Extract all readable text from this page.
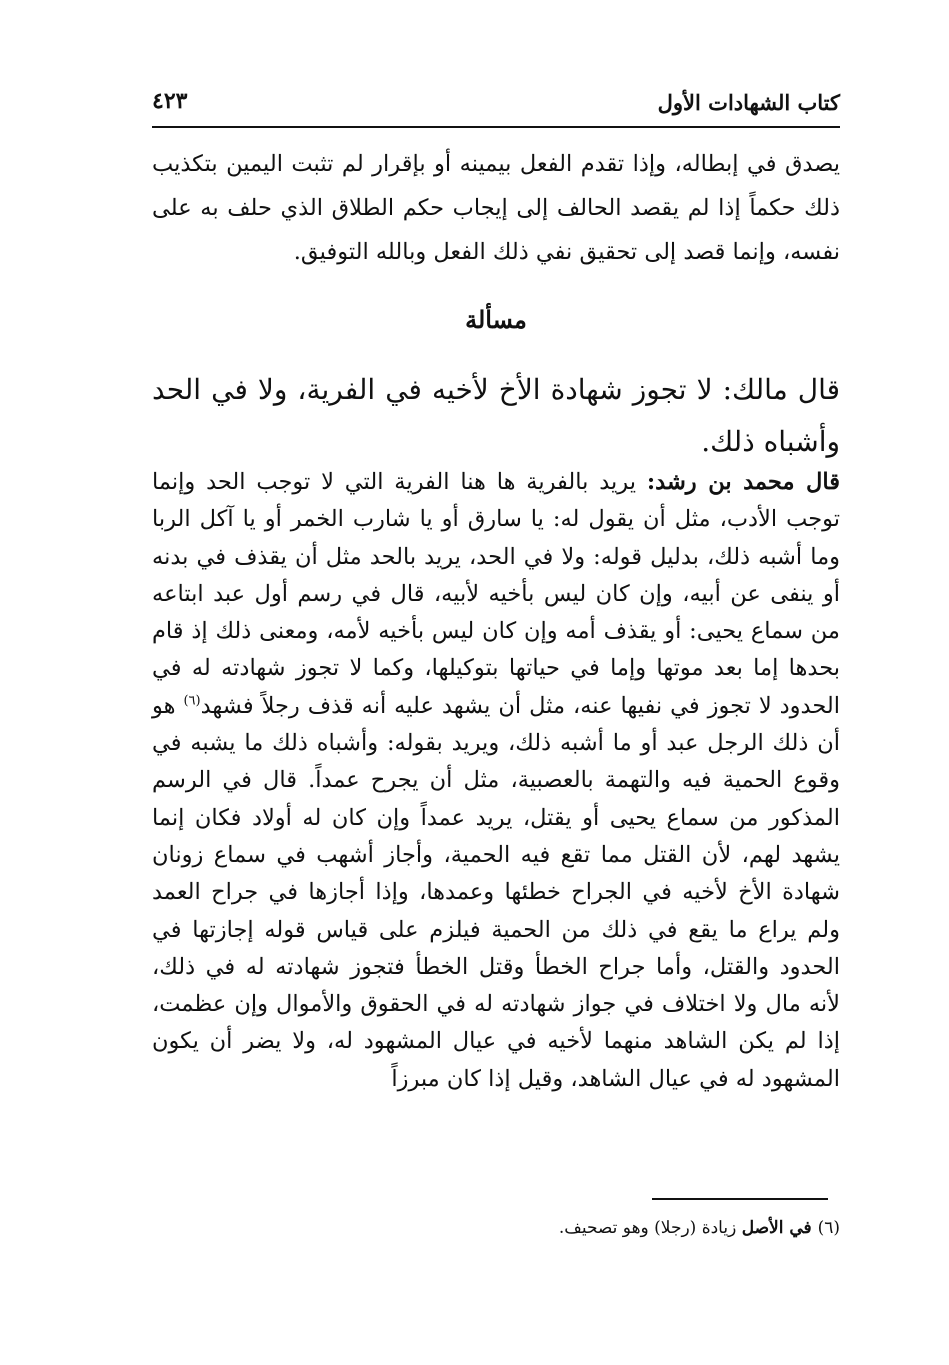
كتاب الشهادات الأول
٤٢٣
يصدق في إبطاله، وإذا تقدم الفعل بيمينه أو بإقرار لم تثبت اليمين بتكذيب ذلك حكماً إذا لم يقصد الحالف إلى إيجاب حكم الطلاق الذي حلف به على نفسه، وإنما قصد إلى تحقيق نفي ذلك الفعل وبالله التوفيق.
مسألة
قال مالك: لا تجوز شهادة الأخ لأخيه في الفرية، ولا في الحد وأشباه ذلك.
قال محمد بن رشد: يريد بالفرية ها هنا الفرية التي لا توجب الحد وإنما توجب الأدب، مثل أن يقول له: يا سارق أو يا شارب الخمر أو يا آكل الربا وما أشبه ذلك، بدليل قوله: ولا في الحد، يريد بالحد مثل أن يقذف في بدنه أو ينفى عن أبيه، وإن كان ليس بأخيه لأبيه، قال في رسم أول عبد ابتاعه من سماع يحيى: أو يقذف أمه وإن كان ليس بأخيه لأمه، ومعنى ذلك إذ قام بحدها إما بعد موتها وإما في حياتها بتوكيلها، وكما لا تجوز شهادته له في الحدود لا تجوز في نفيها عنه، مثل أن يشهد عليه أنه قذف رجلاً فشهد$^{(٦)}$ هو أن ذلك الرجل عبد أو ما أشبه ذلك، ويريد بقوله: وأشباه ذلك ما يشبه في وقوع الحمية فيه والتهمة بالعصبية، مثل أن يجرح عمداً. قال في الرسم المذكور من سماع يحيى أو يقتل، يريد عمداً وإن كان له أولاد فكان إنما يشهد لهم، لأن القتل مما تقع فيه الحمية، وأجاز أشهب في سماع زونان شهادة الأخ لأخيه في الجراح خطئها وعمدها، وإذا أجازها في جراح العمد ولم يراع ما يقع في ذلك من الحمية فيلزم على قياس قوله إجازتها في الحدود والقتل، وأما جراح الخطأ وقتل الخطأ فتجوز شهادته له في ذلك، لأنه مال ولا اختلاف في جواز شهادته له في الحقوق والأموال وإن عظمت، إذا لم يكن الشاهد منهما لأخيه في عيال المشهود له، ولا يضر أن يكون المشهود له في عيال الشاهد، وقيل إذا كان مبرزاً
(٦) في الأصل زيادة (رجلا) وهو تصحيف.
